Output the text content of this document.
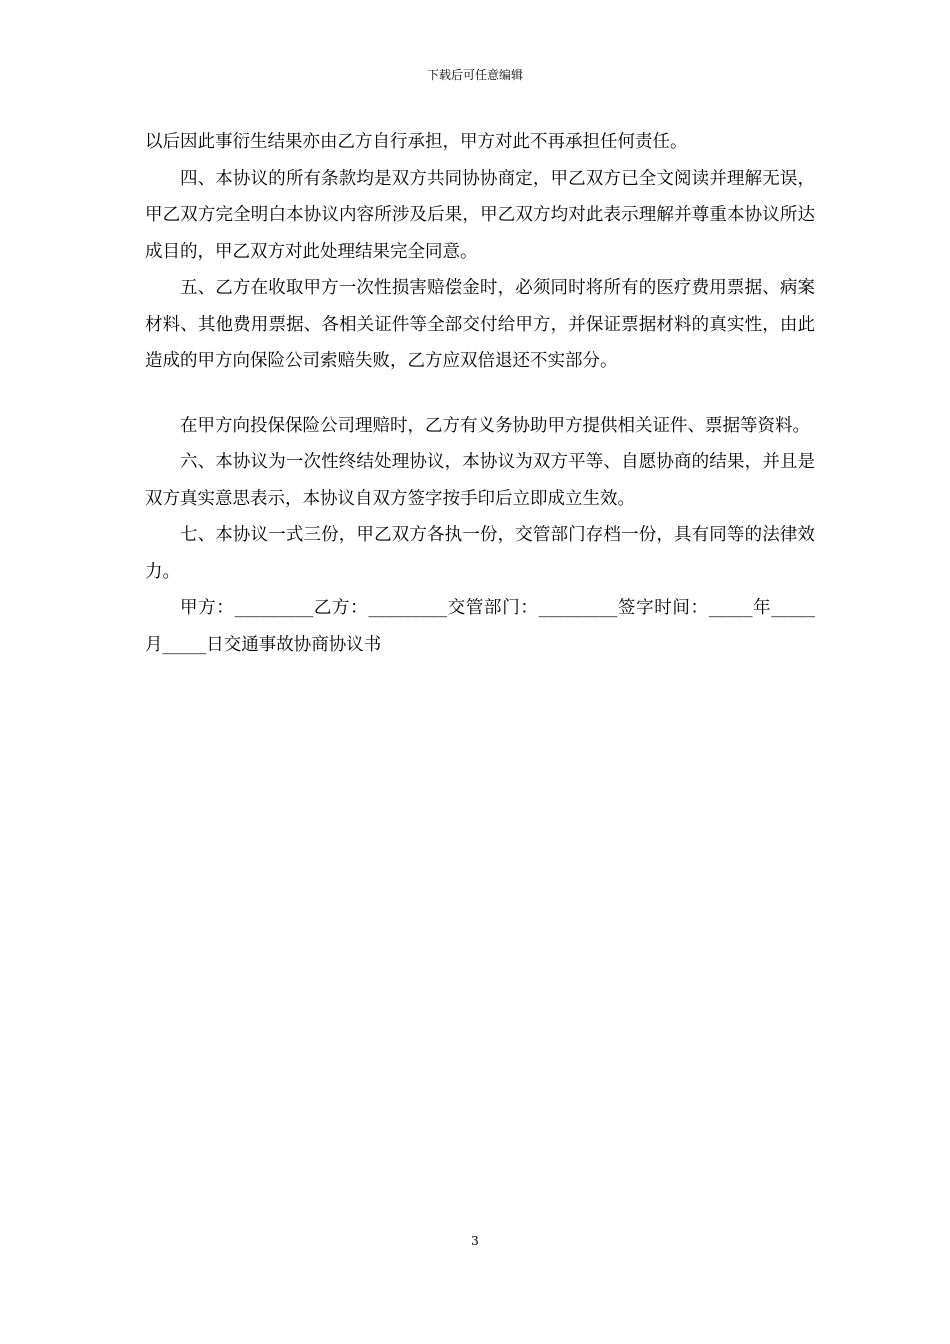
下载后可任意编辑

以后因此事衍生结果亦由乙方自行承担，甲方对此不再承担任何责任。

四、本协议的所有条款均是双方共同协协商定，甲乙双方已全文阅读并理解无误，甲乙双方完全明白本协议内容所涉及后果，甲乙双方均对此表示理解并尊重本协议所达成目的，甲乙双方对此处理结果完全同意。

五、乙方在收取甲方一次性损害赔偿金时，必须同时将所有的医疗费用票据、病案材料、其他费用票据、各相关证件等全部交付给甲方，并保证票据材料的真实性，由此造成的甲方向保险公司索赔失败，乙方应双倍退还不实部分。

在甲方向投保保险公司理赔时，乙方有义务协助甲方提供相关证件、票据等资料。

六、本协议为一次性终结处理协议，本协议为双方平等、自愿协商的结果，并且是双方真实意思表示，本协议自双方签字按手印后立即成立生效。

七、本协议一式三份，甲乙双方各执一份，交管部门存档一份，具有同等的法律效力。

甲方：_________乙方：_________交管部门：_________签字时间：_____年_____月_____日交通事故协商协议书

3
